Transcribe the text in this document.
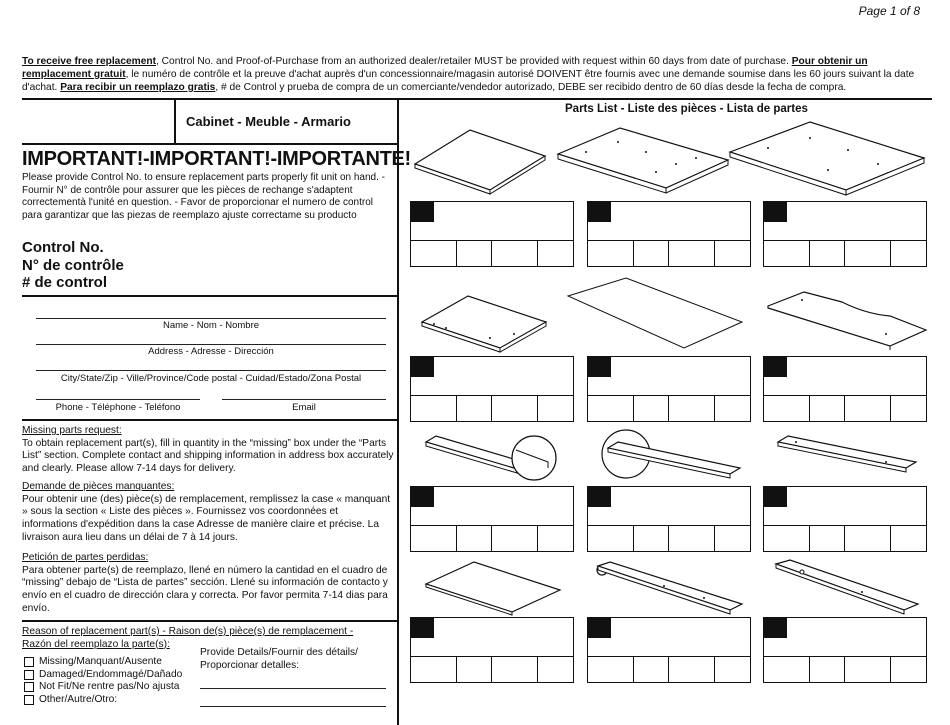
Page 1 of 8
To receive free replacement, Control No. and Proof-of-Purchase from an authorized dealer/retailer MUST be provided with request within 60 days from date of purchase. Pour obtenir un remplacement gratuit, le numéro de contrôle et la preuve d'achat auprès d'un concessionnaire/magasin autorisé DOIVENT être fournis avec une demande soumise dans les 60 jours suivant la date d'achat. Para recibir un reemplazo gratis, # de Control y prueba de compra de un comerciante/vendedor autorizado, DEBE ser recibido dentro de 60 días desde la fecha de compra.
Cabinet - Meuble - Armario
IMPORTANT!-IMPORTANT!-IMPORTANTE!
Please provide Control No. to ensure replacement parts properly fit unit on hand. - Fournir N° de contrôle pour assurer que les pièces de rechange s'adaptent correctementà l'unité en question. - Favor de proporcionar el numero de control para garantizar que las piezas de reemplazo ajuste correctame su producto
Control No.
N° de contrôle
# de control
Name - Nom - Nombre
Address - Adresse - Dirección
City/State/Zip - Ville/Province/Code postal - Cuidad/Estado/Zona Postal
Phone - Téléphone - Teléfono	Email
Missing parts request:
To obtain replacement part(s), fill in quantity in the “missing” box under the “Parts List” section. Complete contact and shipping information in address box accurately and clearly. Please allow 7-14 days for delivery.
Demande de pièces manquantes:
Pour obtenir une (des) pièce(s) de remplacement, remplissez la case « manquant » sous la section « Liste des pièces ». Fournissez vos coordonnées et informations d'expédition dans la case Adresse de manière claire et précise. La livraison aura lieu dans un délai de 7 à 14 jours.
Petición de partes perdidas:
Para obtener parte(s) de reemplazo, llené en número la cantidad en el cuadro de “missing” debajo de “Lista de partes” sección. Llené su información de contacto y envío en el cuadro de dirección clara y correcta. Por favor permita 7-14 dias para envío.
Reason of replacement part(s) - Raison de(s) pièce(s) de remplacement -
Razón del reemplazo la parte(s):
Provide Details/Fournir des détails/ Proporcionar detalles:
Missing/Manquant/Ausente
Damaged/Endommagé/Dañado
Not Fit/Ne rentre pas/No ajusta
Other/Autre/Otro:
Parts List - Liste des pièces - Lista de partes
